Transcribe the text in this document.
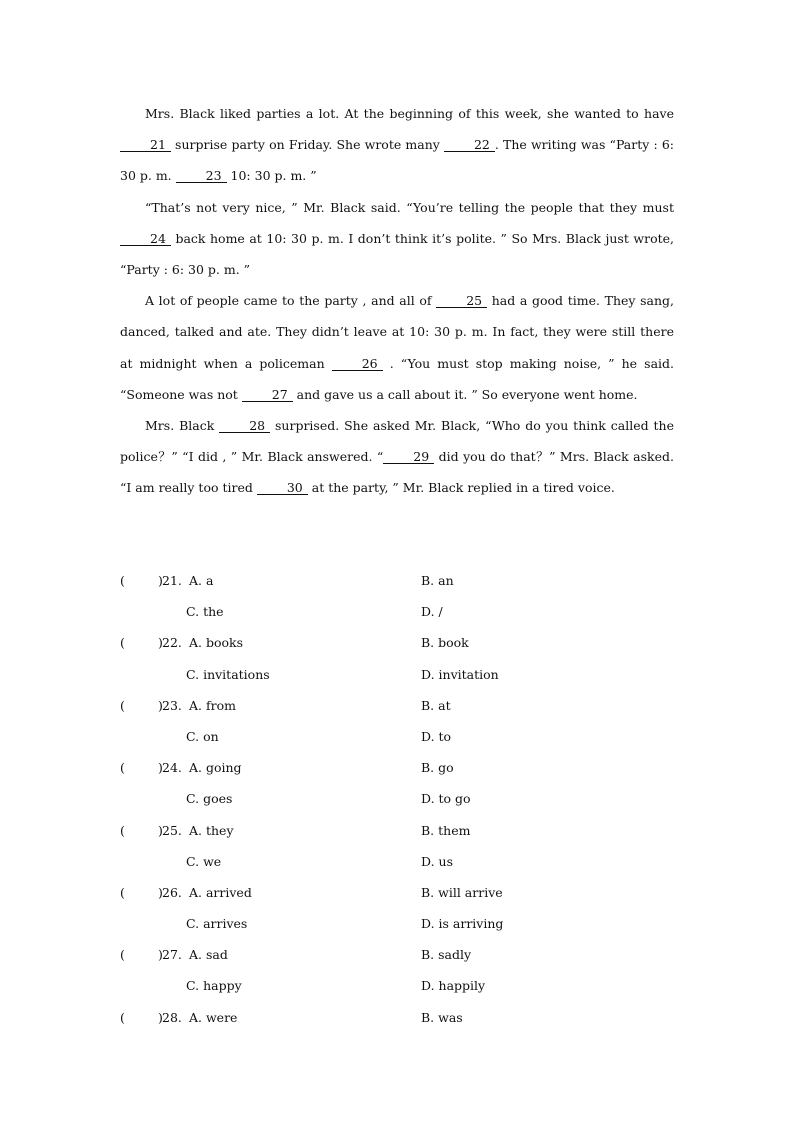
Mrs. Black liked parties a lot. At the beginning of this week, she wanted to have 21 surprise party on Friday. She wrote many 22 . The writing was “Party : 6: 30 p. m. 23 10: 30 p. m. ”

“That’s not very nice, ” Mr. Black said. “You’re telling the people that they must 24 back home at 10: 30 p. m. I don’t think it’s polite. ” So Mrs. Black just wrote, “Party : 6: 30 p. m. ”

A lot of people came to the party , and all of 25 had a good time. They sang, danced, talked and ate. They didn’t leave at 10: 30 p. m. In fact, they were still there at midnight when a policeman 26 . “You must stop making noise, ” he said. “Someone was not 27 and gave us a call about it. ” So everyone went home.

Mrs. Black 28 surprised. She asked Mr. Black, “Who do you think called the police？” “I did , ” Mr. Black answered. “ 29 did you do that？” Mrs. Black asked. “I am really too tired 30 at the party, ” Mr. Black replied in a tired voice.

(	) 21. A. a	B. an
C. the	D. /
(	) 22. A. books	B. book
C. invitations	D. invitation
(	) 23. A. from	B. at
C. on	D. to
(	) 24. A. going	B. go
C. goes	D. to go
(	) 25. A. they	B. them
C. we	D. us
(	) 26. A. arrived	B. will arrive
C. arrives	D. is arriving
(	) 27. A. sad	B. sadly
C. happy	D. happily
(	) 28. A. were	B. was
